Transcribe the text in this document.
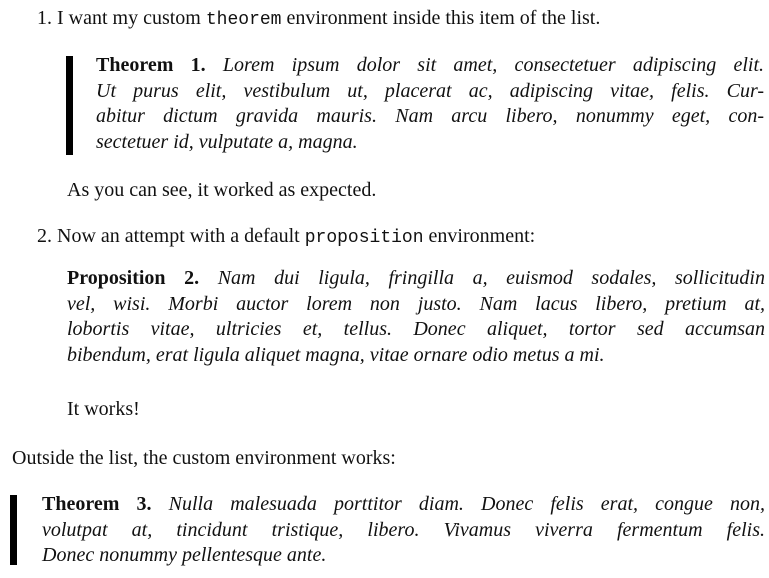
1. I want my custom theorem environment inside this item of the list.
Theorem 1. Lorem ipsum dolor sit amet, consectetuer adipiscing elit.
Ut purus elit, vestibulum ut, placerat ac, adipiscing vitae, felis. Cur-
abitur dictum gravida mauris. Nam arcu libero, nonummy eget, con-
sectetuer id, vulputate a, magna.
As you can see, it worked as expected.
2. Now an attempt with a default proposition environment:
Proposition 2. Nam dui ligula, fringilla a, euismod sodales, sollicitudin
vel, wisi. Morbi auctor lorem non justo. Nam lacus libero, pretium at,
lobortis vitae, ultricies et, tellus. Donec aliquet, tortor sed accumsan
bibendum, erat ligula aliquet magna, vitae ornare odio metus a mi.
It works!
Outside the list, the custom environment works:
Theorem 3. Nulla malesuada porttitor diam. Donec felis erat, congue non,
volutpat at, tincidunt tristique, libero. Vivamus viverra fermentum felis.
Donec nonummy pellentesque ante.
